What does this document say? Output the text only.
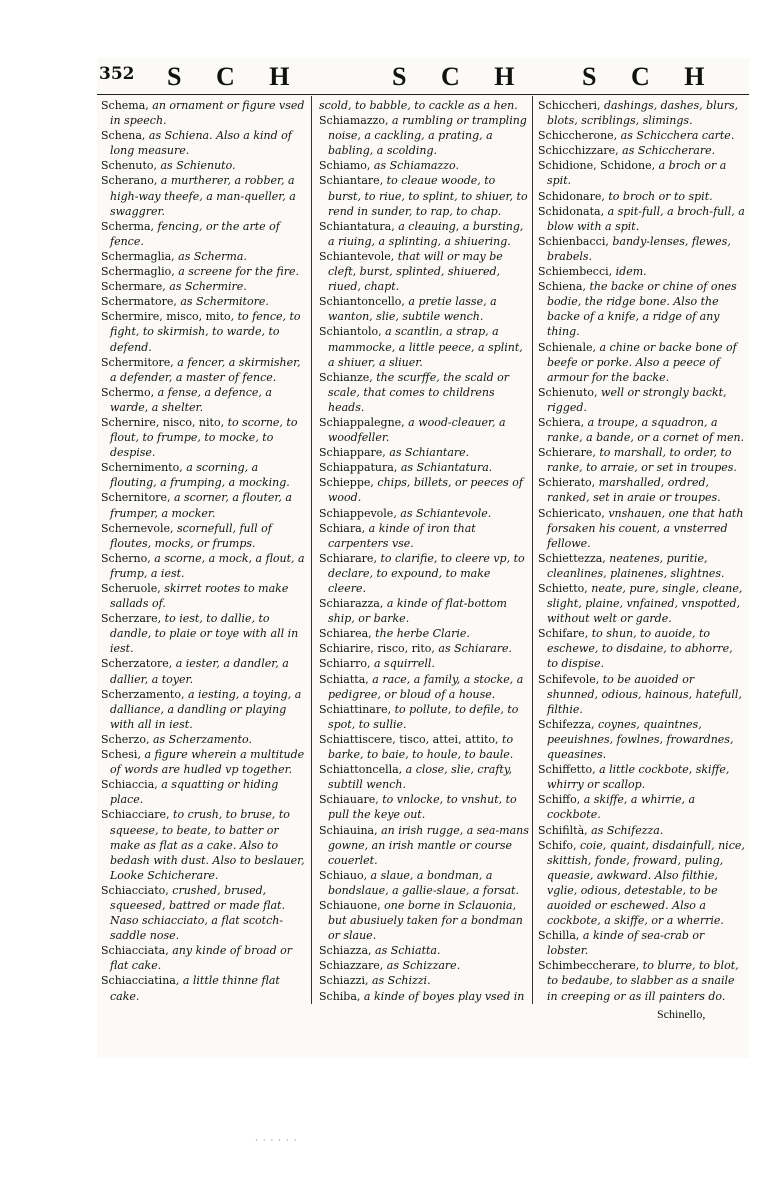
352 S C H	S C H S C H

Schema, an ornament or figure vsed in speech.

Schena, as Schiena. Also a kind of long measure.

Schenuto, as Schienuto.

Scherano, a murtherer, a robber, a high-way theefe, a man-queller, a swaggrer.

Scherma, fencing, or the arte of fence.

Schermaglia, as Scherma.

Schermaglio, a screene for the fire.

Schermare, as Schermire.

Schermatore, as Schermitore.

Schermire, misco, mito, to fence, to fight, to skirmish, to warde, to defend.

Schermitore, a fencer, a skirmisher, a defender, a master of fence.

Schermo, a fense, a defence, a warde, a shelter.

Schernire, nisco, nito, to scorne, to flout, to frumpe, to mocke, to despise.

Schernimento, a scorning, a flouting, a frumping, a mocking.

Schernitore, a scorner, a flouter, a frumper, a mocker.

Schernevole, scornefull, full of floutes, mocks, or frumps.

Scherno, a scorne, a mock, a flout, a frump, a iest.

Scheruole, skirret rootes to make sallads of.

Scherzare, to iest, to dallie, to dandle, to plaie or toye with all in iest.

Scherzatore, a iester, a dandler, a dallier, a toyer.

Scherzamento, a iesting, a toying, a dalliance, a dandling or playing with all in iest.

Scherzo, as Scherzamento.

Schesi, a figure wherein a multitude of words are hudled vp together.

Schiaccia, a squatting or hiding place.

Schiacciare, to crush, to bruse, to squeese, to beate, to batter or make as flat as a cake. Also to bedash with dust. Also to beslauer, Looke Schicherare.

Schiacciato, crushed, brused, squeesed, battred or made flat. Naso schiacciato, a flat scotch-saddle nose.

Schiacciata, any kinde of broad or flat cake.

Schiacciatina, a little thinne flat cake.

scold, to babble, to cackle as a hen.

Schiamazzo, a rumbling or trampling noise, a cackling, a prating, a babling, a scolding.

Schiamo, as Schiamazzo.

Schiantare, to cleaue woode, to burst, to riue, to splint, to shiuer, to rend in sunder, to rap, to chap.

Schiantatura, a cleauing, a bursting, a riuing, a splinting, a shiuering.

Schiantevole, that will or may be cleft, burst, splinted, shiuered, riued, chapt.

Schiantoncello, a pretie lasse, a wanton, slie, subtile wench.

Schiantolo, a scantlin, a strap, a mammocke, a little peece, a splint, a shiuer, a sliuer.

Schianze, the scurffe, the scald or scale, that comes to childrens heads.

Schiappalegne, a wood-cleauer, a woodfeller.

Schiappare, as Schiantare.

Schiappatura, as Schiantatura.

Schieppe, chips, billets, or peeces of wood.

Schiappevole, as Schiantevole.

Schiara, a kinde of iron that carpenters vse.

Schiarare, to clarifie, to cleere vp, to declare, to expound, to make cleere.

Schiarazza, a kinde of flat-bottom ship, or barke.

Schiarea, the herbe Clarie.

Schiarire, risco, rito, as Schiarare.

Schiarro, a squirrell.

Schiatta, a race, a family, a stocke, a pedigree, or bloud of a house.

Schiattinare, to pollute, to defile, to spot, to sullie.

Schiattiscere, tisco, attei, attito, to barke, to baie, to houle, to baule.

Schiattoncella, a close, slie, crafty, subtill wench.

Schiauare, to vnlocke, to vnshut, to pull the keye out.

Schiauina, an irish rugge, a sea-mans gowne, an irish mantle or course couerlet.

Schiauo, a slaue, a bondman, a bondslaue, a gallie-slaue, a forsat.

Schiauone, one borne in Sclauonia, but abusiuely taken for a bondman or slaue.

Schiazza, as Schiatta.

Schiazzare, as Schizzare.

Schiazzi, as Schizzi.

Schiba, a kinde of boyes play vsed in

Schiccheri, dashings, dashes, blurs, blots, scriblings, slimings.

Schiccherone, as Schicchera carte.

Schicchizzare, as Schiccherare.

Schidione, Schidone, a broch or a spit.

Schidonare, to broch or to spit.

Schidonata, a spit-full, a broch-full, a blow with a spit.

Schienbacci, bandy-lenses, flewes, brabels.

Schiembecci, idem.

Schiena, the backe or chine of ones bodie, the ridge bone. Also the backe of a knife, a ridge of any thing.

Schienale, a chine or backe bone of beefe or porke. Also a peece of armour for the backe.

Schienuto, well or strongly backt, rigged.

Schiera, a troupe, a squadron, a ranke, a bande, or a cornet of men.

Schierare, to marshall, to order, to ranke, to arraie, or set in troupes.

Schierato, marshalled, ordred, ranked, set in araie or troupes.

Schiericato, vnshauen, one that hath forsaken his couent, a vnsterred fellowe.

Schiettezza, neatenes, puritie, cleanlines, plainenes, slightnes.

Schietto, neate, pure, single, cleane, slight, plaine, vnfained, vnspotted, without welt or garde.

Schifare, to shun, to auoide, to eschewe, to disdaine, to abhorre, to dispise.

Schifevole, to be auoided or shunned, odious, hainous, hatefull, filthie.

Schifezza, coynes, quaintnes, peeuishnes, fowlnes, frowardnes, queasines.

Schiffetto, a little cockbote, skiffe, whirry or scallop.

Schiffo, a skiffe, a whirrie, a cockbote.

Schifiltà, as Schifezza.

Schifo, coie, quaint, disdainfull, nice, skittish, fonde, froward, puling, queasie, awkward. Also filthie, vglie, odious, detestable, to be auoided or eschewed. Also a cockbote, a skiffe, or a wherrie.

Schilla, a kinde of sea-crab or lobster.

Schimbeccherare, to blurre, to blot, to bedaube, to slabber as a snaile in creeping or as ill painters do.

Schinello,
· · · · · ·
